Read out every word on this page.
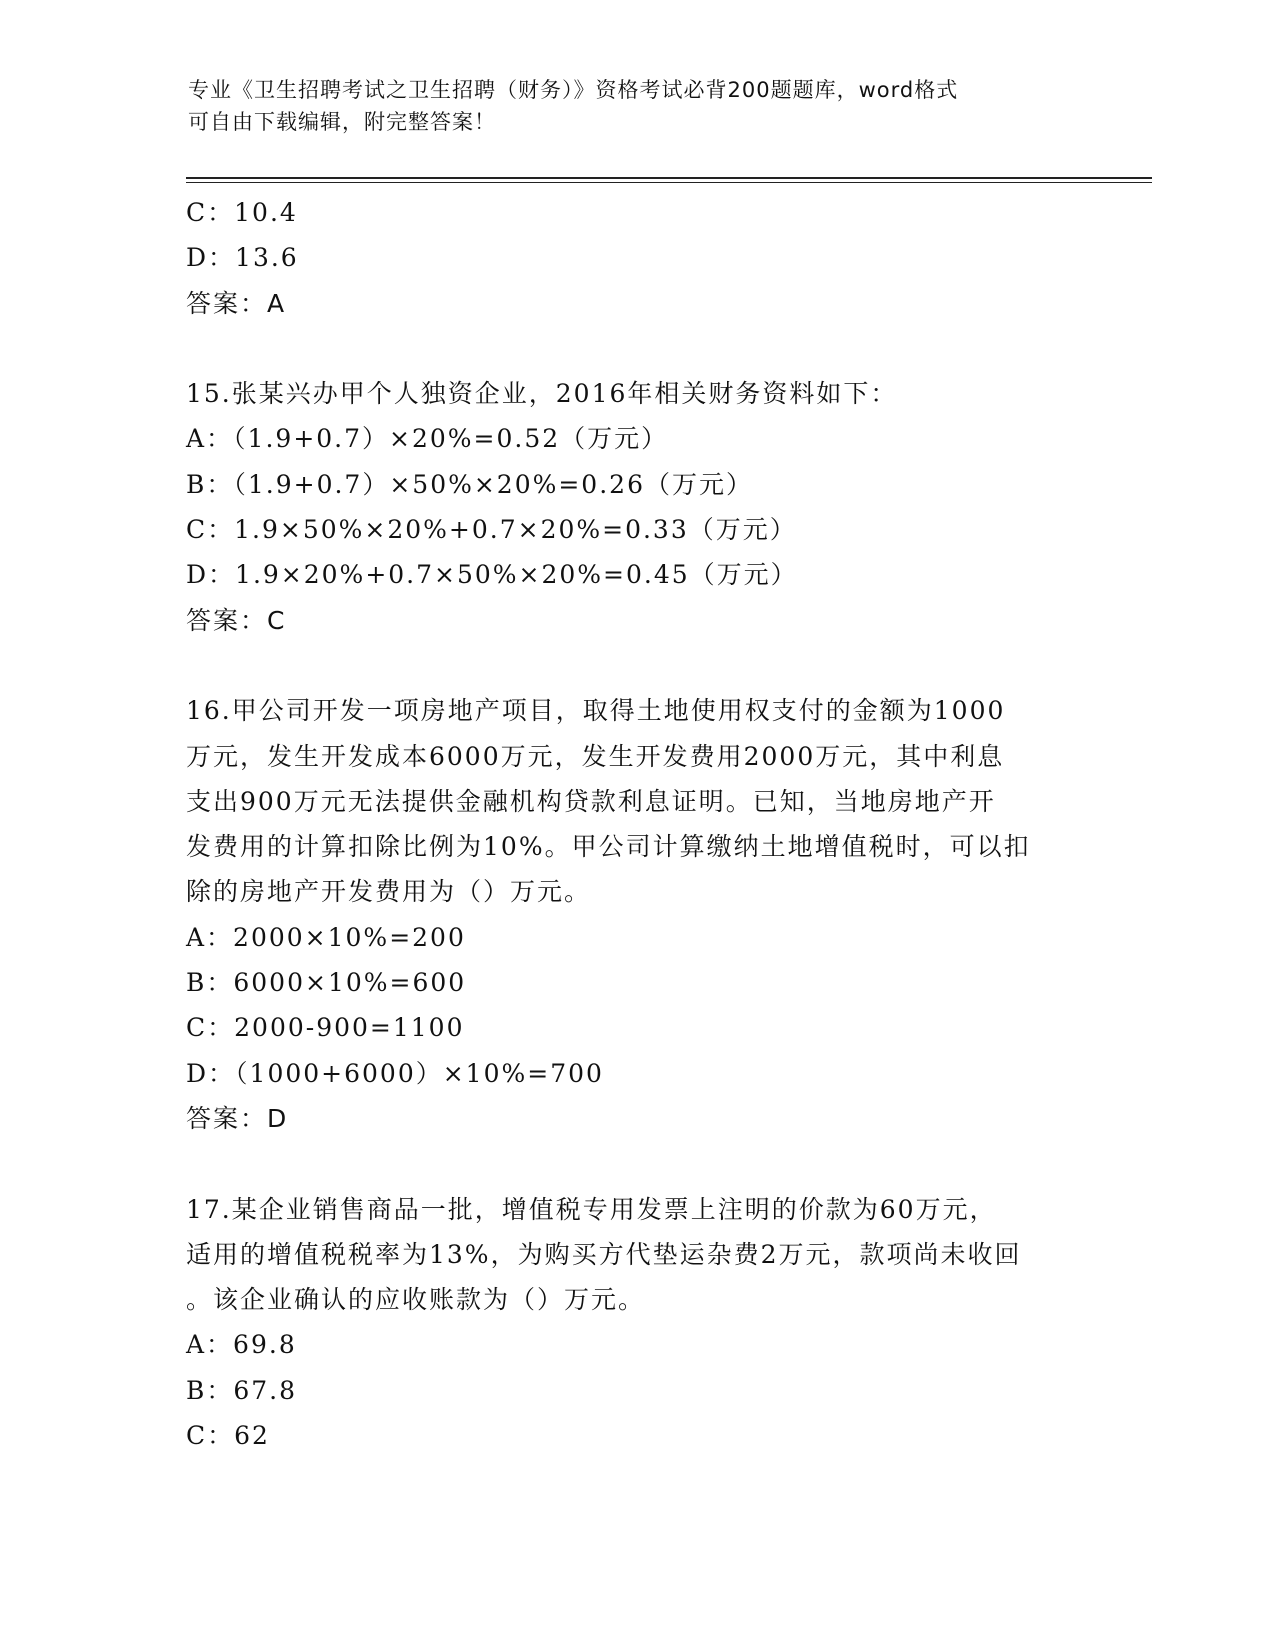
专业《卫生招聘考试之卫生招聘（财务）》资格考试必背200题题库，word格式
可自由下载编辑，附完整答案！
C：10.4
D：13.6
答案：A
15.张某兴办甲个人独资企业，2016年相关财务资料如下：
A：（1.9+0.7）×20%=0.52（万元）
B：（1.9+0.7）×50%×20%=0.26（万元）
C：1.9×50%×20%+0.7×20%=0.33（万元）
D：1.9×20%+0.7×50%×20%=0.45（万元）
答案：C
16.甲公司开发一项房地产项目，取得土地使用权支付的金额为1000
万元，发生开发成本6000万元，发生开发费用2000万元，其中利息
支出900万元无法提供金融机构贷款利息证明。已知，当地房地产开
发费用的计算扣除比例为10%。甲公司计算缴纳土地增值税时，可以扣
除的房地产开发费用为（）万元。
A：2000×10%=200
B：6000×10%=600
C：2000-900=1100
D：（1000+6000）×10%=700
答案：D
17.某企业销售商品一批，增值税专用发票上注明的价款为60万元，
适用的增值税税率为13%，为购买方代垫运杂费2万元，款项尚未收回
。该企业确认的应收账款为（）万元。
A：69.8
B：67.8
C：62
